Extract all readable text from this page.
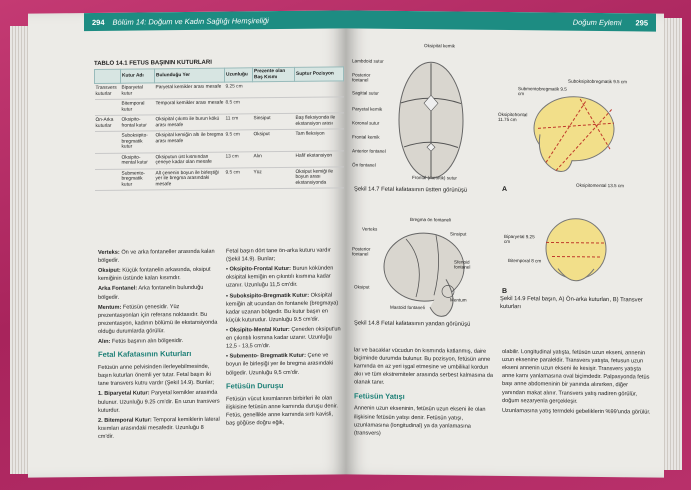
294 Bölüm 14: Doğum ve Kadın Sağlığı Hemşireliği
TABLO 14.1 FETUS BAŞININ KUTURLARI
	Kutur Adı	Bulunduğu Yer	Uzunluğu	Prezente olan Baş Kısmı	Suptur Pozisyon
Transvers kuturlar	Biparyetal kutur	Paryetal kemikler arası mesafe	9.25 cm		
	Bitemporal kutur	Temporal kemikler arası mesafe	8.5 cm		
Ön-Arka kuturlar	Oksipito-frontal kutur	Oksipital çıkıntı ile burun kökü arası mesafe	11 cm	Sinsiput	Baş fleksiyonda ile ekstansiyon arası
	Suboksipito-bregmatik kutur	Oksipital kemiğin altı ile bregma arası mesafe	9.5 cm	Oksiput	Tam fleksiyon
	Oksipito-mental kutur	Oksiputun üst kısmından çeneye kadar olan mesafe	13 cm	Alın	Hafif ekstansiyon
	Submento-bregmatik kutur	Alt çenenin boyun ile birleştiği yer ile bregma arasındaki mesafe	9.5 cm	Yüz	Oksiput kemiği ile boyun arası ekstansiyonda

Verteks: Ön ve arka fontaneller arasında kalan bölgedir.

Oksiput: Küçük fontanelin arkasında, oksiput kemiğinin üstünde kalan kısımdır.

Arka Fontanel: Arka fontanelin bulunduğu bölgedir.

Mentum: Fetüsün çenesidir. Yüz prezentasyonları için referans noktasıdır. Bu prezentasyon, kadının bölümü ile ekstansiyonda olduğu durumlarda görülür.

Alın: Fetüs başının alın bölgesidir.

Fetal Kafatasının Kuturları

Fetüsün anne pelvisinden ilerleyebilmesinde, başın kuturları önemli yer tutar. Fetal başın iki tane transvers kutru vardır (Şekil 14.9). Bunlar;

1. Biparyetal Kutur: Paryetal kemikler arasında bulunur. Uzunluğu 9.25 cm'dir. En uzun transvers kuturdur.

2. Bitemporal Kutur: Temporal kemiklerin lateral kısımları arasındaki mesafedir. Uzunluğu 8 cm'dir.

Fetal başın dört tane ön-arka kuturu vardır (Şekil 14.9). Bunlar;

• Oksipito-Frontal Kutur: Burun kökünden oksipital kemiğin en çıkıntılı kısmına kadar uzanır. Uzunluğu 11,5 cm'dir.
• Suboksipito-Bregmatik Kutur: Oksipital kemiğin alt ucundan ön fontanele (bregmaya) kadar uzanan bölgedir. Bu kutur başın en küçük kuturudur. Uzunluğu 9.5 cm'dir.
• Oksipito-Mental Kutur: Çeneden oksiput'un en çıkıntılı kısmına kadar uzanır. Uzunluğu 12,5 - 13,5 cm'dir.
• Submento- Bregmatik Kutur: Çene ve boyun ile birleşiği yer ile bregma arasındaki bölgedir. Uzunluğu 9,5 cm'dir.
Fetüsün Duruşu

Fetüsün vücut kısımlarının birbirleri ile olan ilişkisine fetüsün anne karnında duruşu denir. Fetüs, genellikle anne karnında sırtı kavisli, baş göğüse doğru eğik,

Doğum Eylemi 295
Oksipital kemik
Lambdoid sutur
Posterior fontanel
Sagittal sutur
Paryetal kemik
Koronal sutur
Frontal kemik
Anterior fontanel
Frontal (metotik) sutur
Ön fontanel
Şekil 14.7 Fetal kafatasının üstten görünüşü
Suboksipitobregmatik 9.5 cm
Submentobregmatik 9.5 cm
Oksipitofrontal 11.75 cm
Oksipitomental 13.5 cm
A
Biparyetal 9.25 cm
Bitemporal 8 cm
B
Bregma ön fontaneli
Verteks
Sinsiput
Posterior fontanel
Sfenoid fontanel
Oksiput
Mastoid fontaneli
Mentum
Şekil 14.8 Fetal kafatasının yandan görünüşü
Şekil 14.9 Fetal başın, A) Ön-arka kuturları, B) Transver kuturları

lar ve bacaklar vücudun ön kısmında katlanmış, daire biçiminde durumda bulunur. Bu pozisyon, fetüsün anne karnında en az yeri işgal etmesine ve umbilikal kordun akıı ve tüm ekstremiteler arasında serbest kalmasına da olanak tanır.

Fetüsün Yatışı

Annenin uzun ekseninin, fetüsün uzun ekseni ile olan ilişkisine fetüsün yatışı denir. Fetüsün yatışı, uzunlamasına (longitudinal) ya da yanlamasına (transvers)

olabilir. Longitudinal yatışta, fetüsün uzun ekseni, annenin uzun eksenine paraleldir. Transvers yatışta, fetusun uzun ekseni annenin uzun ekseni ile kesişir. Transvers yatışta anne karnı yanlamasına oval biçimdedir. Palpasyonda fetüs başı anne abdomeninin bir yanında alınırken, diğer yanından makat alınır. Transvers yatış nadiren görülür, doğum sezaryenla gerçekleşir.

Uzunlamasına yatış termdeki gebeliklerin %99'unda görülür.
